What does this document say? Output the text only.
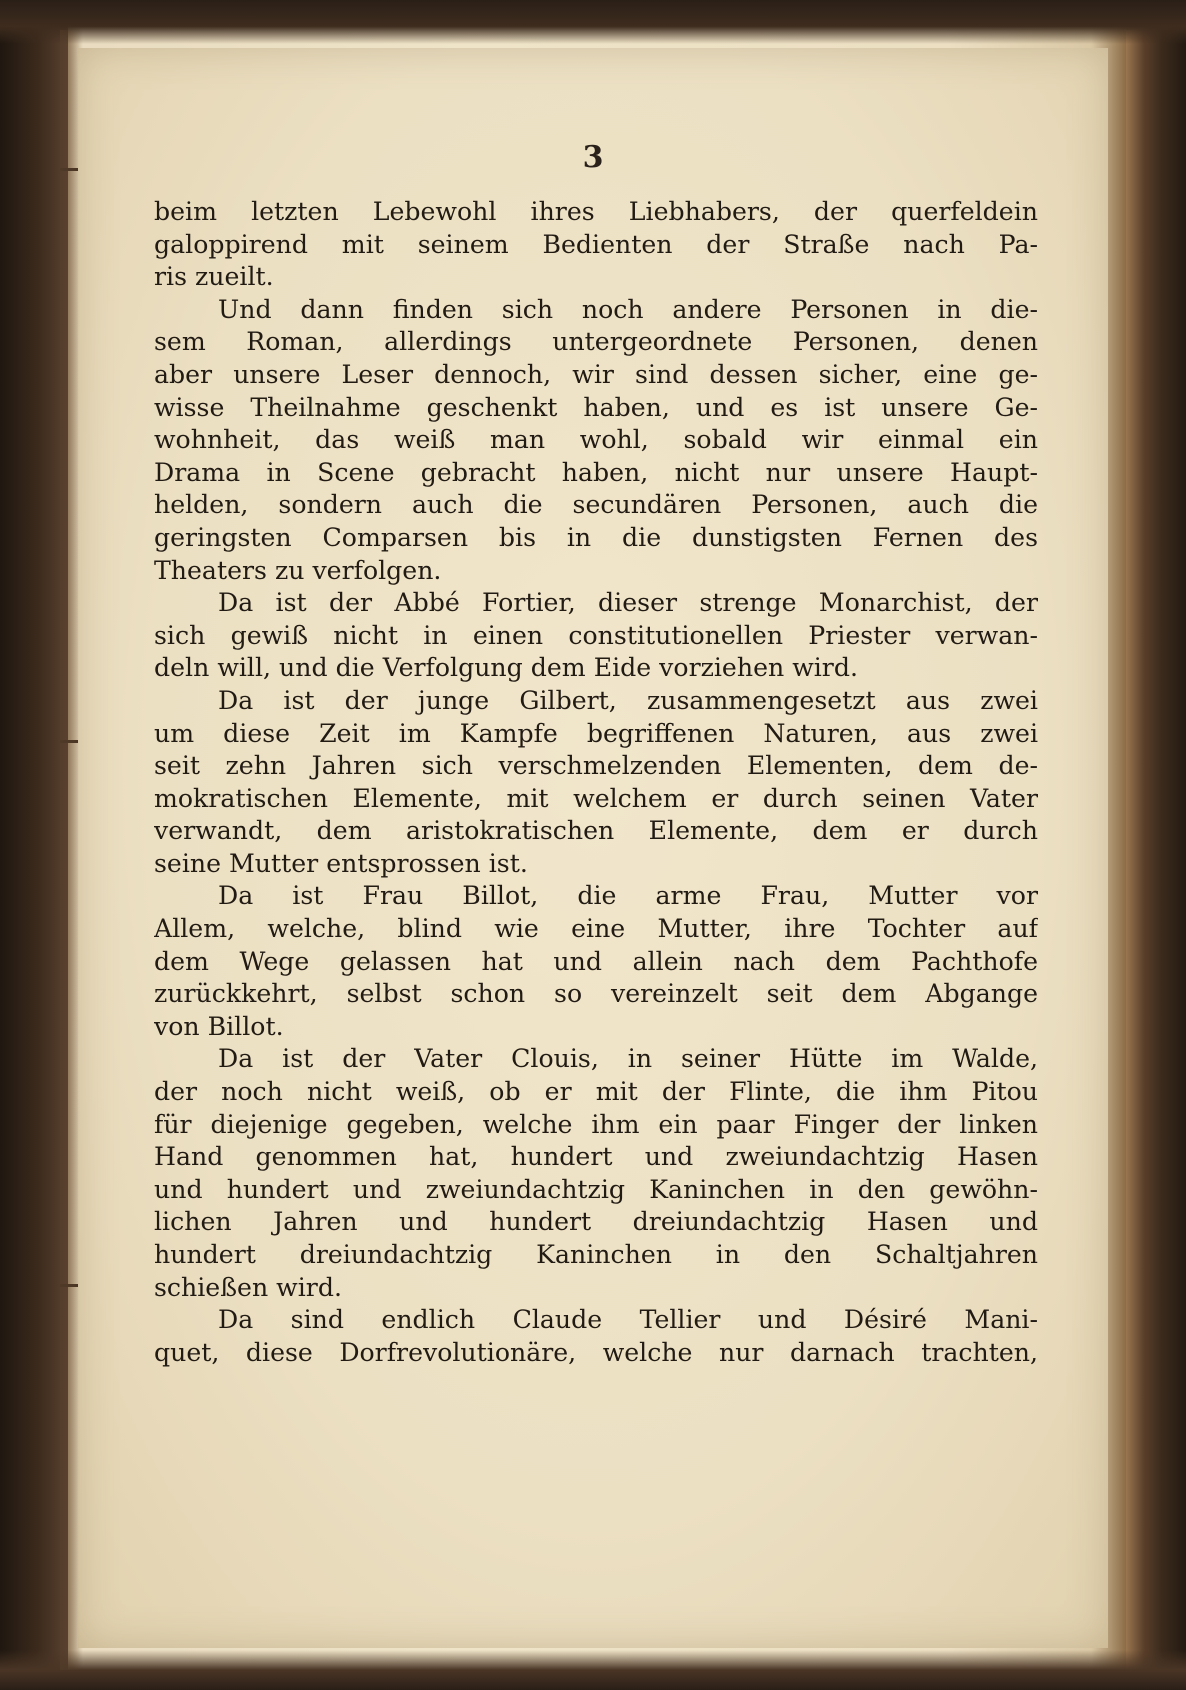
3
beim letzten Lebewohl ihres Liebhabers, der querfeldein
galoppirend mit seinem Bedienten der Straße nach Pa-
ris zueilt.
Und dann finden sich noch andere Personen in die-
sem Roman, allerdings untergeordnete Personen, denen
aber unsere Leser dennoch, wir sind dessen sicher, eine ge-
wisse Theilnahme geschenkt haben, und es ist unsere Ge-
wohnheit, das weiß man wohl, sobald wir einmal ein
Drama in Scene gebracht haben, nicht nur unsere Haupt-
helden, sondern auch die secundären Personen, auch die
geringsten Comparsen bis in die dunstigsten Fernen des
Theaters zu verfolgen.
Da ist der Abbé Fortier, dieser strenge Monarchist, der
sich gewiß nicht in einen constitutionellen Priester verwan-
deln will, und die Verfolgung dem Eide vorziehen wird.
Da ist der junge Gilbert, zusammengesetzt aus zwei
um diese Zeit im Kampfe begriffenen Naturen, aus zwei
seit zehn Jahren sich verschmelzenden Elementen, dem de-
mokratischen Elemente, mit welchem er durch seinen Vater
verwandt, dem aristokratischen Elemente, dem er durch
seine Mutter entsprossen ist.
Da ist Frau Billot, die arme Frau, Mutter vor
Allem, welche, blind wie eine Mutter, ihre Tochter auf
dem Wege gelassen hat und allein nach dem Pachthofe
zurückkehrt, selbst schon so vereinzelt seit dem Abgange
von Billot.
Da ist der Vater Clouis, in seiner Hütte im Walde,
der noch nicht weiß, ob er mit der Flinte, die ihm Pitou
für diejenige gegeben, welche ihm ein paar Finger der linken
Hand genommen hat, hundert und zweiundachtzig Hasen
und hundert und zweiundachtzig Kaninchen in den gewöhn-
lichen Jahren und hundert dreiundachtzig Hasen und
hundert dreiundachtzig Kaninchen in den Schaltjahren
schießen wird.
Da sind endlich Claude Tellier und Désiré Mani-
quet, diese Dorfrevolutionäre, welche nur darnach trachten,
